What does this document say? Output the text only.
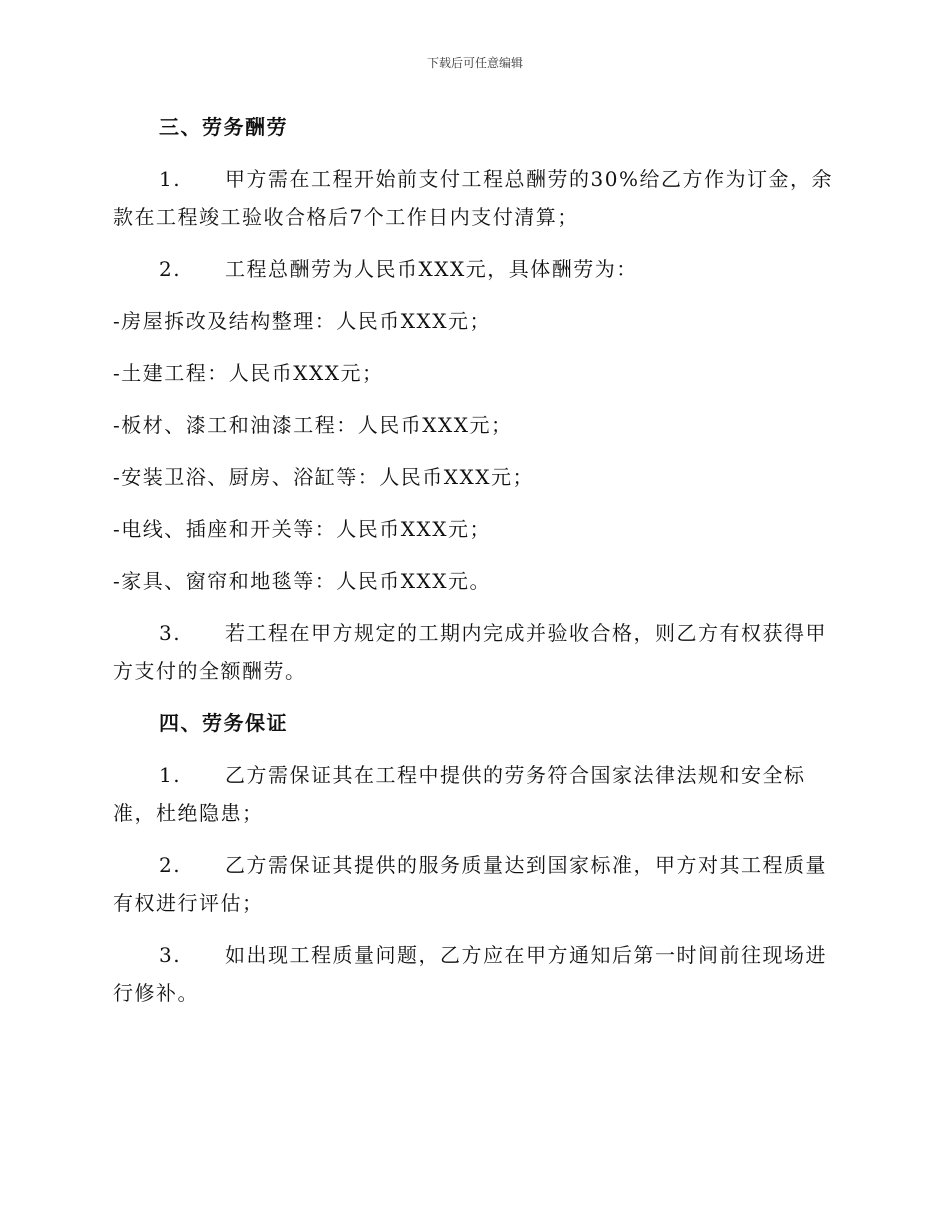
下载后可任意编辑

三、劳务酬劳

1. 甲方需在工程开始前支付工程总酬劳的30%给乙方作为订金，余款在工程竣工验收合格后7个工作日内支付清算；

2. 工程总酬劳为人民币XXX元，具体酬劳为：

-房屋拆改及结构整理：人民币XXX元；

-土建工程：人民币XXX元；

-板材、漆工和油漆工程：人民币XXX元；

-安装卫浴、厨房、浴缸等：人民币XXX元；

-电线、插座和开关等：人民币XXX元；

-家具、窗帘和地毯等：人民币XXX元。

3. 若工程在甲方规定的工期内完成并验收合格，则乙方有权获得甲方支付的全额酬劳。

四、劳务保证

1. 乙方需保证其在工程中提供的劳务符合国家法律法规和安全标准，杜绝隐患；

2. 乙方需保证其提供的服务质量达到国家标准，甲方对其工程质量有权进行评估；

3. 如出现工程质量问题，乙方应在甲方通知后第一时间前往现场进行修补。
